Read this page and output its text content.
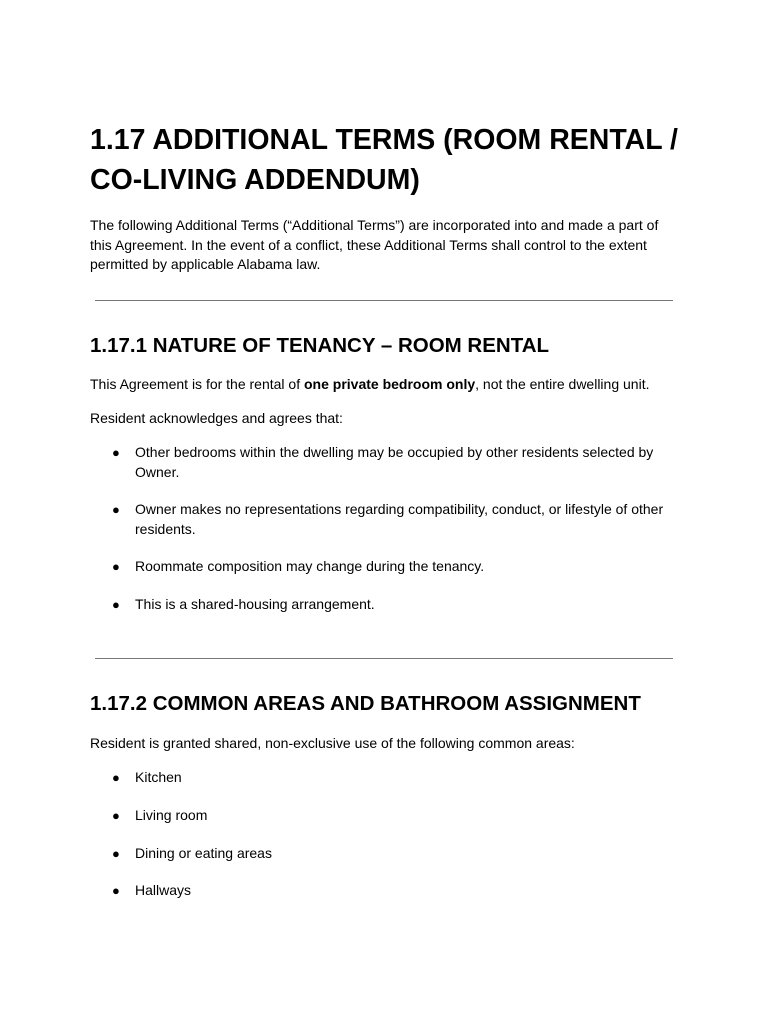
1.17 ADDITIONAL TERMS (ROOM RENTAL / CO-LIVING ADDENDUM)

The following Additional Terms (“Additional Terms”) are incorporated into and made a part of this Agreement. In the event of a conflict, these Additional Terms shall control to the extent permitted by applicable Alabama law.

1.17.1 NATURE OF TENANCY – ROOM RENTAL

This Agreement is for the rental of one private bedroom only, not the entire dwelling unit.

Resident acknowledges and agrees that:

● Other bedrooms within the dwelling may be occupied by other residents selected by Owner.
● Owner makes no representations regarding compatibility, conduct, or lifestyle of other residents.
● Roommate composition may change during the tenancy.
● This is a shared-housing arrangement.
1.17.2 COMMON AREAS AND BATHROOM ASSIGNMENT

Resident is granted shared, non-exclusive use of the following common areas:

● Kitchen
● Living room
● Dining or eating areas
● Hallways
